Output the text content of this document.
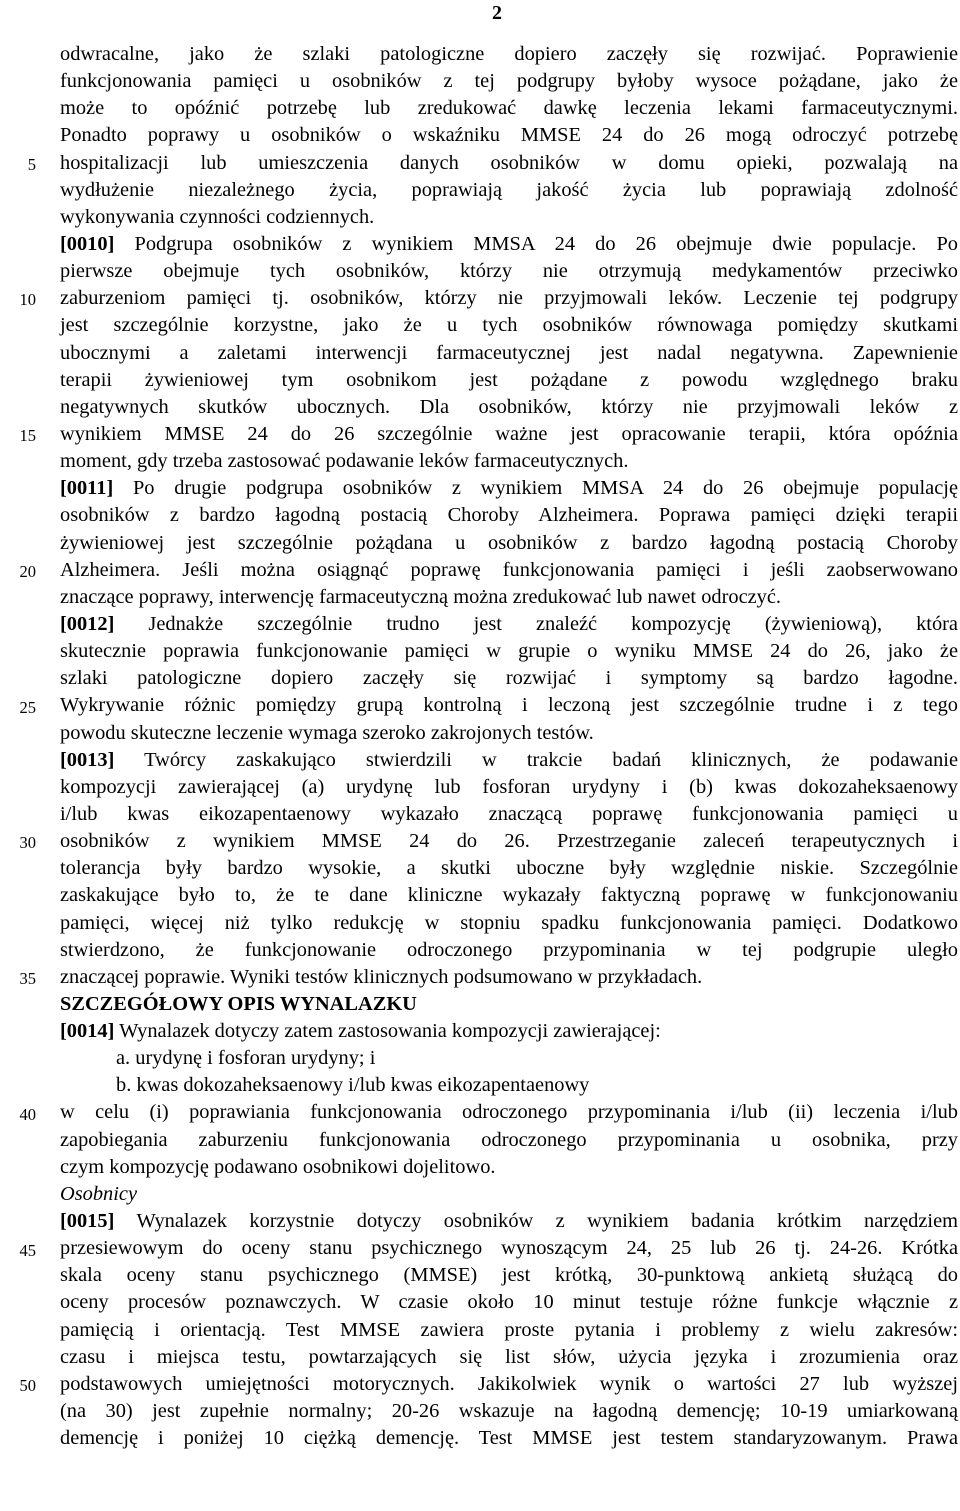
2
5
10
15
20
25
30
35
40
45
50
odwracalne, jako że szlaki patologiczne dopiero zaczęły się rozwijać. Poprawienie
funkcjonowania pamięci u osobników z tej podgrupy byłoby wysoce pożądane, jako że
może to opóźnić potrzebę lub zredukować dawkę leczenia lekami farmaceutycznymi.
Ponadto poprawy u osobników o wskaźniku MMSE 24 do 26 mogą odroczyć potrzebę
hospitalizacji lub umieszczenia danych osobników w domu opieki, pozwalają na
wydłużenie niezależnego życia, poprawiają jakość życia lub poprawiają zdolność
wykonywania czynności codziennych.
[0010] Podgrupa osobników z wynikiem MMSA 24 do 26 obejmuje dwie populacje. Po
pierwsze obejmuje tych osobników, którzy nie otrzymują medykamentów przeciwko
zaburzeniom pamięci tj. osobników, którzy nie przyjmowali leków. Leczenie tej podgrupy
jest szczególnie korzystne, jako że u tych osobników równowaga pomiędzy skutkami
ubocznymi a zaletami interwencji farmaceutycznej jest nadal negatywna. Zapewnienie
terapii żywieniowej tym osobnikom jest pożądane z powodu względnego braku
negatywnych skutków ubocznych. Dla osobników, którzy nie przyjmowali leków z
wynikiem MMSE 24 do 26 szczególnie ważne jest opracowanie terapii, która opóźnia
moment, gdy trzeba zastosować podawanie leków farmaceutycznych.
[0011] Po drugie podgrupa osobników z wynikiem MMSA 24 do 26 obejmuje populację
osobników z bardzo łagodną postacią Choroby Alzheimera. Poprawa pamięci dzięki terapii
żywieniowej jest szczególnie pożądana u osobników z bardzo łagodną postacią Choroby
Alzheimera. Jeśli można osiągnąć poprawę funkcjonowania pamięci i jeśli zaobserwowano
znaczące poprawy, interwencję farmaceutyczną można zredukować lub nawet odroczyć.
[0012] Jednakże szczególnie trudno jest znaleźć kompozycję (żywieniową), która
skutecznie poprawia funkcjonowanie pamięci w grupie o wyniku MMSE 24 do 26, jako że
szlaki patologiczne dopiero zaczęły się rozwijać i symptomy są bardzo łagodne.
Wykrywanie różnic pomiędzy grupą kontrolną i leczoną jest szczególnie trudne i z tego
powodu skuteczne leczenie wymaga szeroko zakrojonych testów.
[0013] Twórcy zaskakująco stwierdzili w trakcie badań klinicznych, że podawanie
kompozycji zawierającej (a) urydynę lub fosforan urydyny i (b) kwas dokozaheksaenowy
i/lub kwas eikozapentaenowy wykazało znaczącą poprawę funkcjonowania pamięci u
osobników z wynikiem MMSE 24 do 26. Przestrzeganie zaleceń terapeutycznych i
tolerancja były bardzo wysokie, a skutki uboczne były względnie niskie. Szczególnie
zaskakujące było to, że te dane kliniczne wykazały faktyczną poprawę w funkcjonowaniu
pamięci, więcej niż tylko redukcję w stopniu spadku funkcjonowania pamięci. Dodatkowo
stwierdzono, że funkcjonowanie odroczonego przypominania w tej podgrupie uległo
znaczącej poprawie. Wyniki testów klinicznych podsumowano w przykładach.
SZCZEGÓŁOWY OPIS WYNALAZKU
[0014] Wynalazek dotyczy zatem zastosowania kompozycji zawierającej:
a. urydynę i fosforan urydyny; i
b. kwas dokozaheksaenowy i/lub kwas eikozapentaenowy
w celu (i) poprawiania funkcjonowania odroczonego przypominania i/lub (ii) leczenia i/lub
zapobiegania zaburzeniu funkcjonowania odroczonego przypominania u osobnika, przy
czym kompozycję podawano osobnikowi dojelitowo.
Osobnicy
[0015] Wynalazek korzystnie dotyczy osobników z wynikiem badania krótkim narzędziem
przesiewowym do oceny stanu psychicznego wynoszącym 24, 25 lub 26 tj. 24-26. Krótka
skala oceny stanu psychicznego (MMSE) jest krótką, 30-punktową ankietą służącą do
oceny procesów poznawczych. W czasie około 10 minut testuje różne funkcje włącznie z
pamięcią i orientacją. Test MMSE zawiera proste pytania i problemy z wielu zakresów:
czasu i miejsca testu, powtarzających się list słów, użycia języka i zrozumienia oraz
podstawowych umiejętności motorycznych. Jakikolwiek wynik o wartości 27 lub wyższej
(na 30) jest zupełnie normalny; 20-26 wskazuje na łagodną demencję; 10-19 umiarkowaną
demencję i poniżej 10 ciężką demencję. Test MMSE jest testem standaryzowanym. Prawa
